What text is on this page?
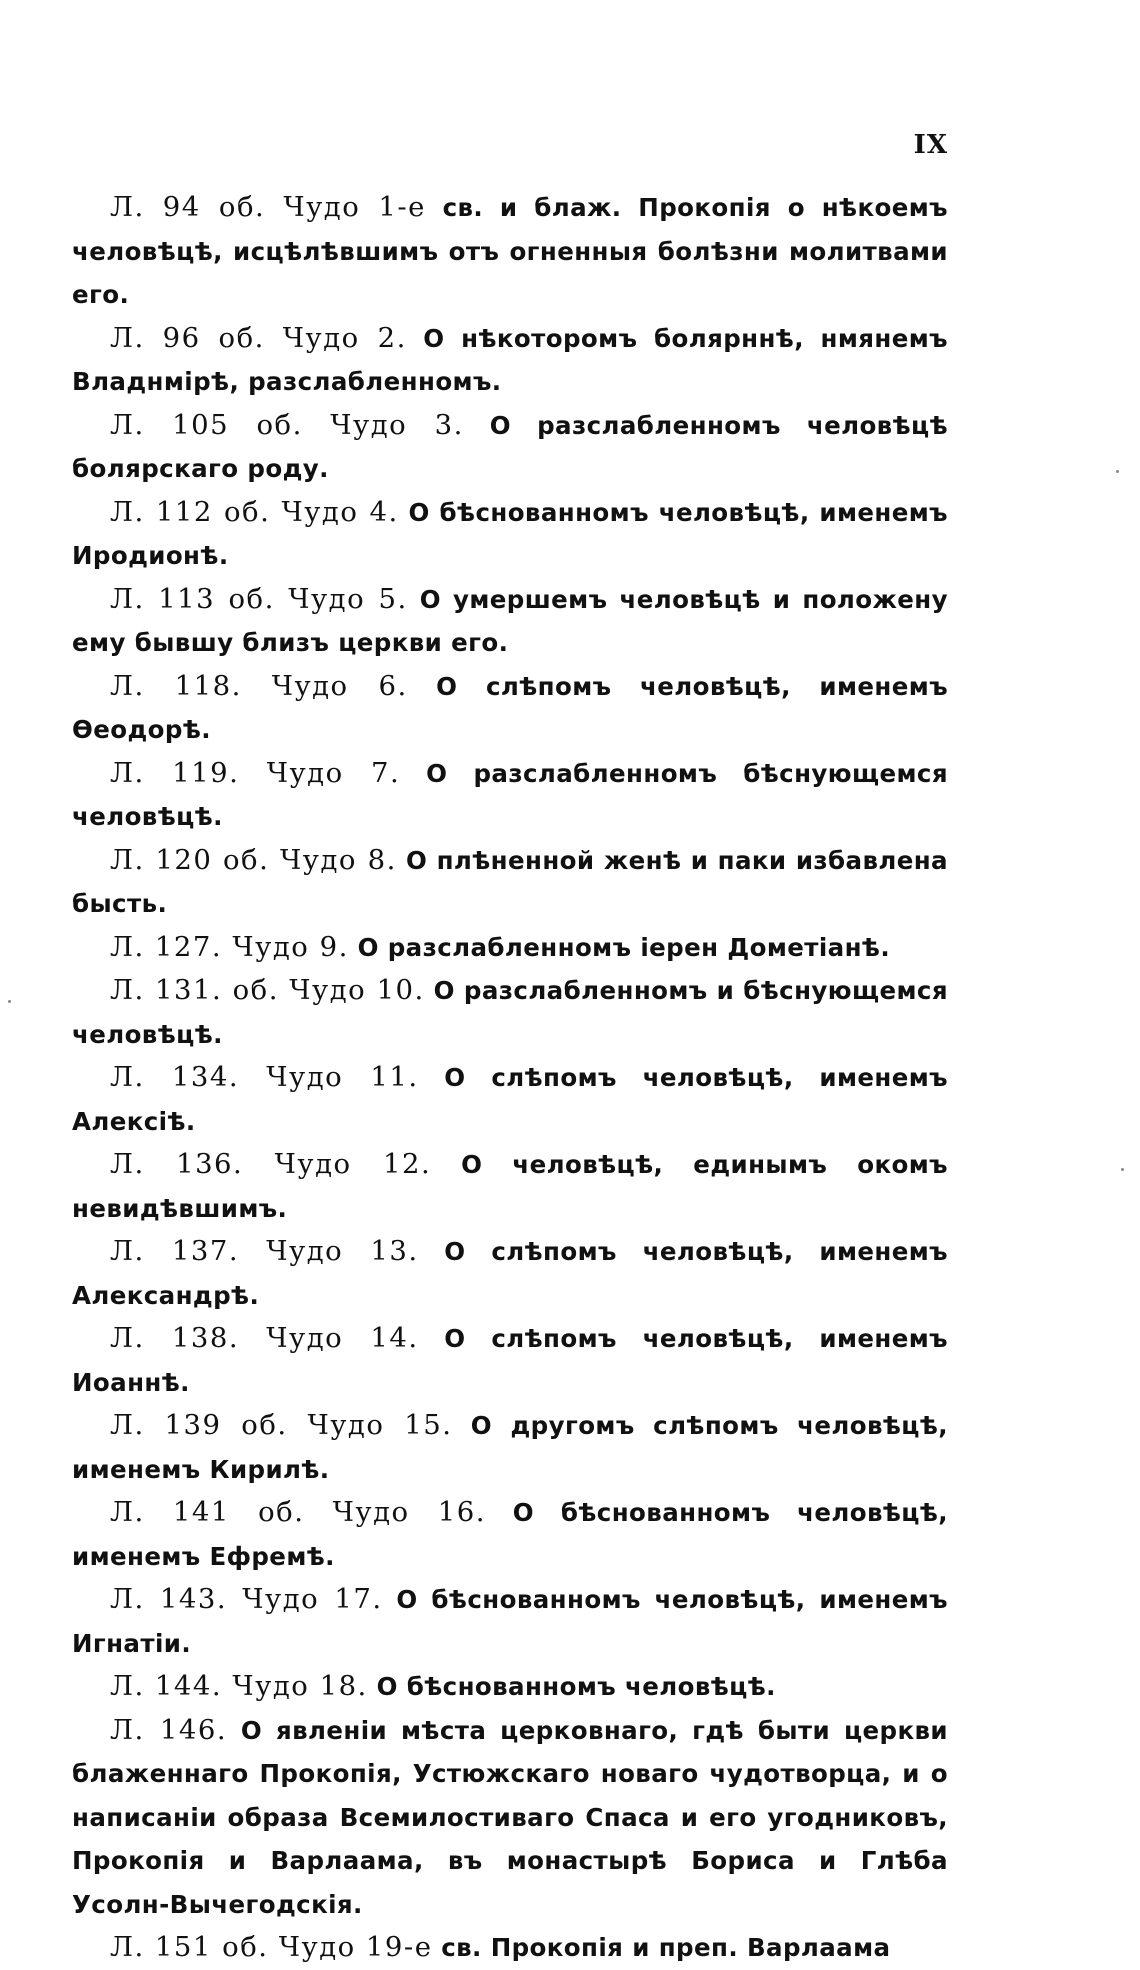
IX

Л. 94 об. Чудо 1-е св. и блаж. Прокопія о нѣкоемъ человѣцѣ, исцѣлѣвшимъ отъ огненныя болѣзни молитвами его.

Л. 96 об. Чудо 2. О нѣкоторомъ болярннѣ, нмянемъ Владнмірѣ, разслабленномъ.

Л. 105 об. Чудо 3. О разслабленномъ человѣцѣ болярскаго роду.

Л. 112 об. Чудо 4. О бѣснованномъ человѣцѣ, именемъ Иродионѣ.

Л. 113 об. Чудо 5. О умершемъ человѣцѣ и положену ему бывшу близъ церкви его.

Л. 118. Чудо 6. О слѣпомъ человѣцѣ, именемъ Ѳеодорѣ.

Л. 119. Чудо 7. О разслабленномъ бѣснующемся человѣцѣ.

Л. 120 об. Чудо 8. О плѣненной женѣ и паки избавлена бысть.

Л. 127. Чудо 9. О разслабленномъ іерен Дометіанѣ.

Л. 131. об. Чудо 10. О разслабленномъ и бѣснующемся человѣцѣ.

Л. 134. Чудо 11. О слѣпомъ человѣцѣ, именемъ Алексіѣ.

Л. 136. Чудо 12. О человѣцѣ, единымъ окомъ невидѣвшимъ.

Л. 137. Чудо 13. О слѣпомъ человѣцѣ, именемъ Александрѣ.

Л. 138. Чудо 14. О слѣпомъ человѣцѣ, именемъ Иоаннѣ.

Л. 139 об. Чудо 15. О другомъ слѣпомъ человѣцѣ, именемъ Кирилѣ.

Л. 141 об. Чудо 16. О бѣснованномъ человѣцѣ, именемъ Ефремѣ.

Л. 143. Чудо 17. О бѣснованномъ человѣцѣ, именемъ Игнатіи.

Л. 144. Чудо 18. О бѣснованномъ человѣцѣ.

Л. 146. О явленіи мѣста церковнаго, гдѣ быти церкви блаженнаго Прокопія, Устюжскаго новаго чудотворца, и о написаніи образа Всемилостиваго Спаса и его угодниковъ, Прокопія и Варлаама, въ монастырѣ Бориса и Глѣба Усолн-Вычегодскія.

Л. 151 об. Чудо 19-е св. Прокопія и преп. Варлаама
